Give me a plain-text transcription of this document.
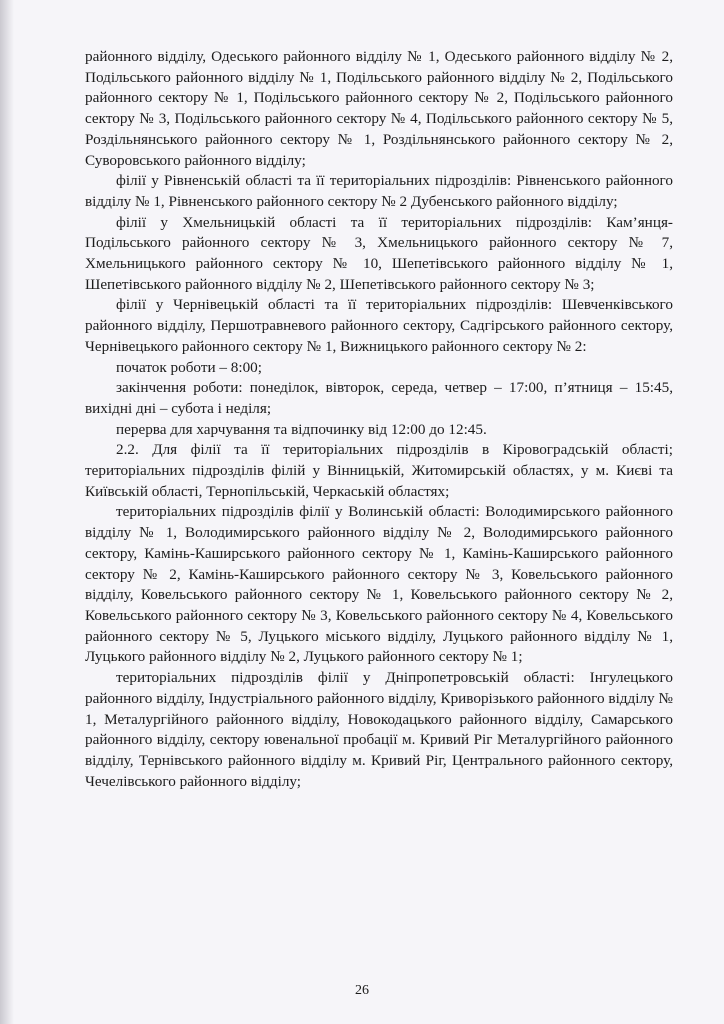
районного відділу, Одеського районного відділу № 1, Одеського районного відділу № 2, Подільського районного відділу № 1, Подільського районного відділу № 2, Подільського районного сектору № 1, Подільського районного сектору № 2, Подільського районного сектору № 3, Подільського районного сектору № 4, Подільського районного сектору № 5, Роздільнянського районного сектору № 1, Роздільнянського районного сектору № 2, Суворовського районного відділу;

філії у Рівненській області та її територіальних підрозділів: Рівненського районного відділу № 1, Рівненського районного сектору № 2 Дубенського районного відділу;

філії у Хмельницькій області та її територіальних підрозділів: Кам’янця-Подільського районного сектору № 3, Хмельницького районного сектору № 7, Хмельницького районного сектору № 10, Шепетівського районного відділу № 1, Шепетівського районного відділу № 2, Шепетівського районного сектору № 3;

філії у Чернівецькій області та її територіальних підрозділів: Шевченківського районного відділу, Першотравневого районного сектору, Садгірського районного сектору, Чернівецького районного сектору № 1, Вижницького районного сектору № 2:

початок роботи – 8:00;

закінчення роботи: понеділок, вівторок, середа, четвер – 17:00, п’ятниця – 15:45, вихідні дні – субота і неділя;

перерва для харчування та відпочинку від 12:00 до 12:45.

2.2. Для філії та її територіальних підрозділів в Кіровоградській області; територіальних підрозділів філій у Вінницькій, Житомирській областях, у м. Києві та Київській області, Тернопільській, Черкаській областях;

територіальних підрозділів філії у Волинській області: Володимирського районного відділу № 1, Володимирського районного відділу № 2, Володимирського районного сектору, Камінь-Каширського районного сектору № 1, Камінь-Каширського районного сектору № 2, Камінь-Каширського районного сектору № 3, Ковельського районного відділу, Ковельського районного сектору № 1, Ковельського районного сектору № 2, Ковельського районного сектору № 3, Ковельського районного сектору № 4, Ковельського районного сектору № 5, Луцького міського відділу, Луцького районного відділу № 1, Луцького районного відділу № 2, Луцького районного сектору № 1;

територіальних підрозділів філії у Дніпропетровській області: Інгулецького районного відділу, Індустріального районного відділу, Криворізького районного відділу № 1, Металургійного районного відділу, Новокодацького районного відділу, Самарського районного відділу, сектору ювенальної пробації м. Кривий Ріг Металургійного районного відділу, Тернівського районного відділу м. Кривий Ріг, Центрального районного сектору, Чечелівського районного відділу;

26
